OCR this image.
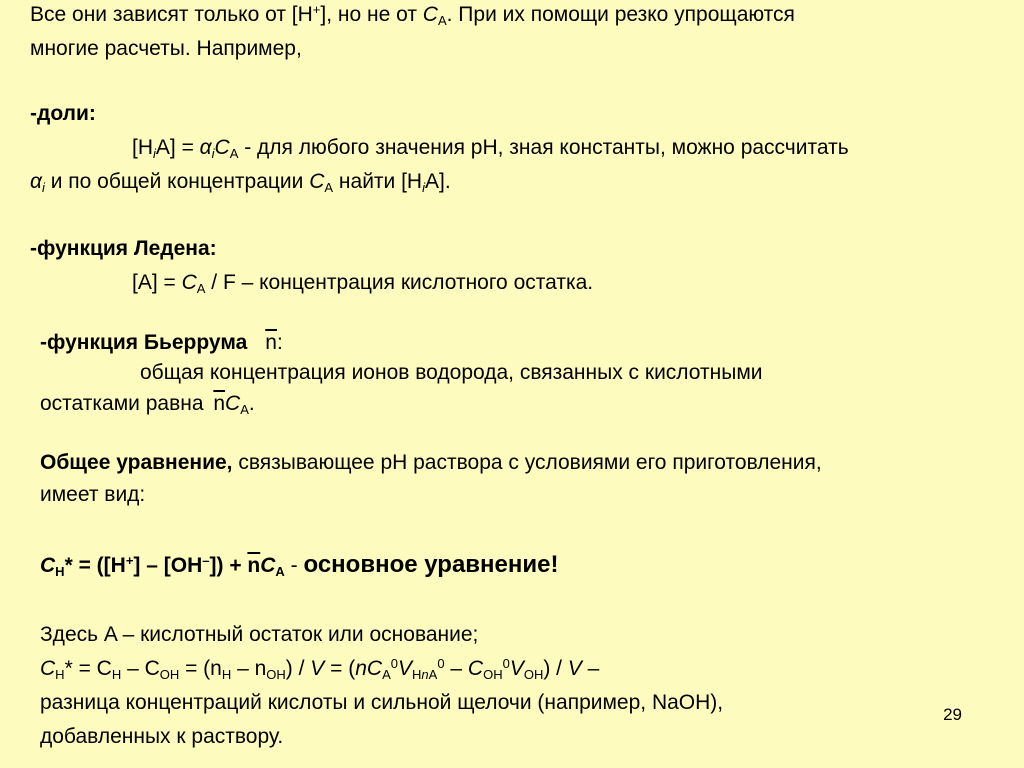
Все они зависят только от [H+], но не от $C_A$. При их помощи резко упрощаются
многие расчеты. Например,
-доли:
$[H_iA] = \alpha_iC_A$ - для любого значения pH, зная константы, можно рассчитать
$\alpha_i$ и по общей концентрации $C_A$ найти $[H_iA]$.
-функция Ледена:
$[A] = C_A / F$ – концентрация кислотного остатка.
-функция Бьеррума $\overline{n}$:
общая концентрация ионов водорода, связанных с кислотными
остатками равна $\overline{n}C_A$.
Общее уравнение, связывающее pH раствора с условиями его приготовления,
имеет вид:
$C_H* = ([H^+] - [OH^-]) + \overline{n}C_A$ - основное уравнение!
Здесь A – кислотный остаток или основание;
$C_H* = C_H - C_{OH} = (n_H - n_{OH}) / V = (nC_A^0V_{HnA}^0 - C_{OH}^0V_{OH}) / V$ –
разница концентраций кислоты и сильной щелочи (например, NaOH),
добавленных к раствору.
29
